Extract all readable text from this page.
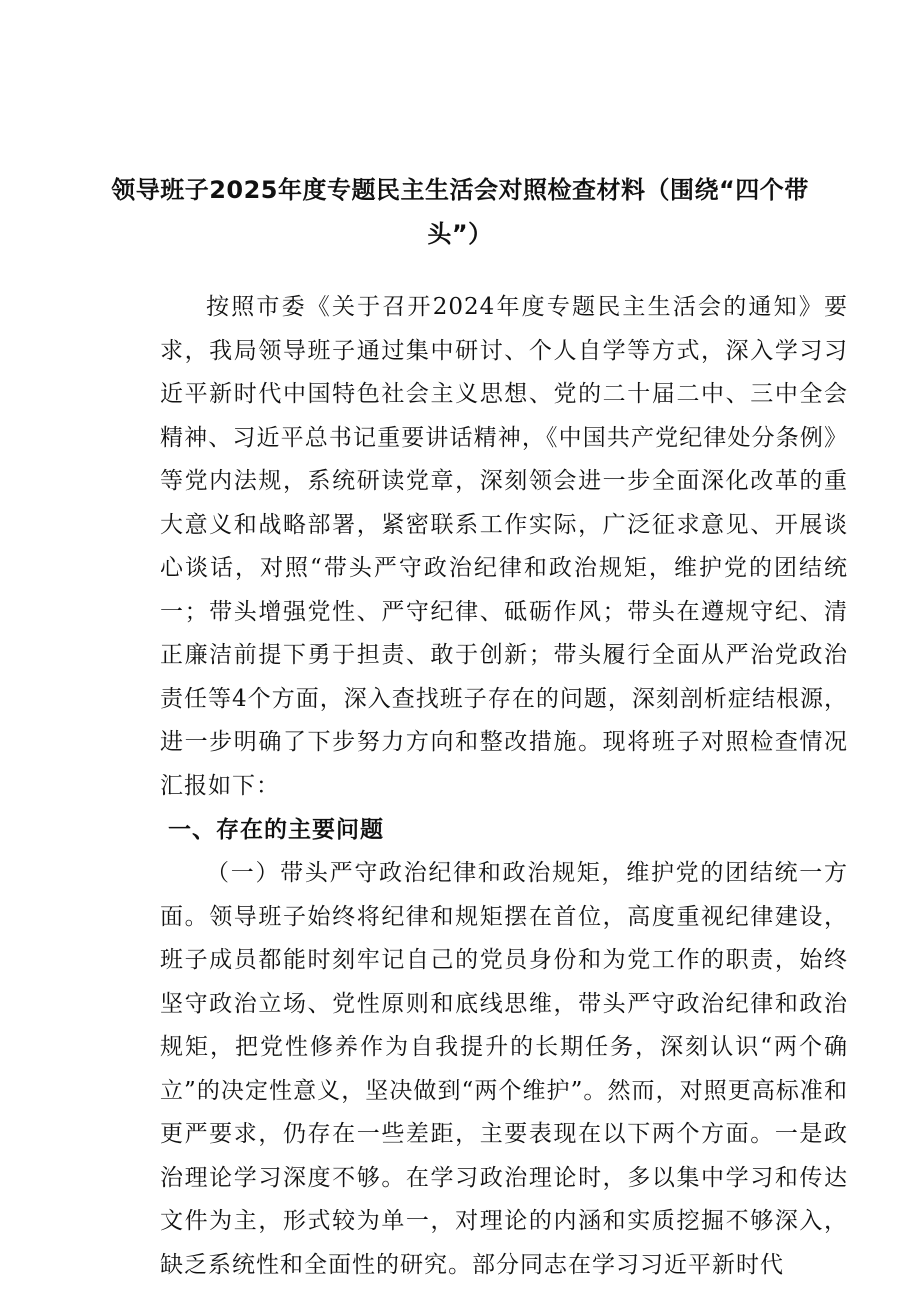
领导班子2025年度专题民主生活会对照检查材料（围绕“四个带
头”）

按照市委《关于召开2024年度专题民主生活会的通知》要求，我局领导班子通过集中研讨、个人自学等方式，深入学习习近平新时代中国特色社会主义思想、党的二十届二中、三中全会精神、习近平总书记重要讲话精神，《中国共产党纪律处分条例》等党内法规，系统研读党章，深刻领会进一步全面深化改革的重大意义和战略部署，紧密联系工作实际，广泛征求意见、开展谈心谈话，对照“带头严守政治纪律和政治规矩，维护党的团结统一；带头增强党性、严守纪律、砥砺作风；带头在遵规守纪、清正廉洁前提下勇于担责、敢于创新；带头履行全面从严治党政治责任等4个方面，深入查找班子存在的问题，深刻剖析症结根源，进一步明确了下步努力方向和整改措施。现将班子对照检查情况汇报如下：

一、存在的主要问题

（一）带头严守政治纪律和政治规矩，维护党的团结统一方面。领导班子始终将纪律和规矩摆在首位，高度重视纪律建设，班子成员都能时刻牢记自己的党员身份和为党工作的职责，始终坚守政治立场、党性原则和底线思维，带头严守政治纪律和政治规矩，把党性修养作为自我提升的长期任务，深刻认识“两个确立”的决定性意义，坚决做到“两个维护”。然而，对照更高标准和更严要求，仍存在一些差距，主要表现在以下两个方面。一是政治理论学习深度不够。在学习政治理论时，多以集中学习和传达文件为主，形式较为单一，对理论的内涵和实质挖掘不够深入，缺乏系统性和全面性的研究。部分同志在学习习近平新时代
